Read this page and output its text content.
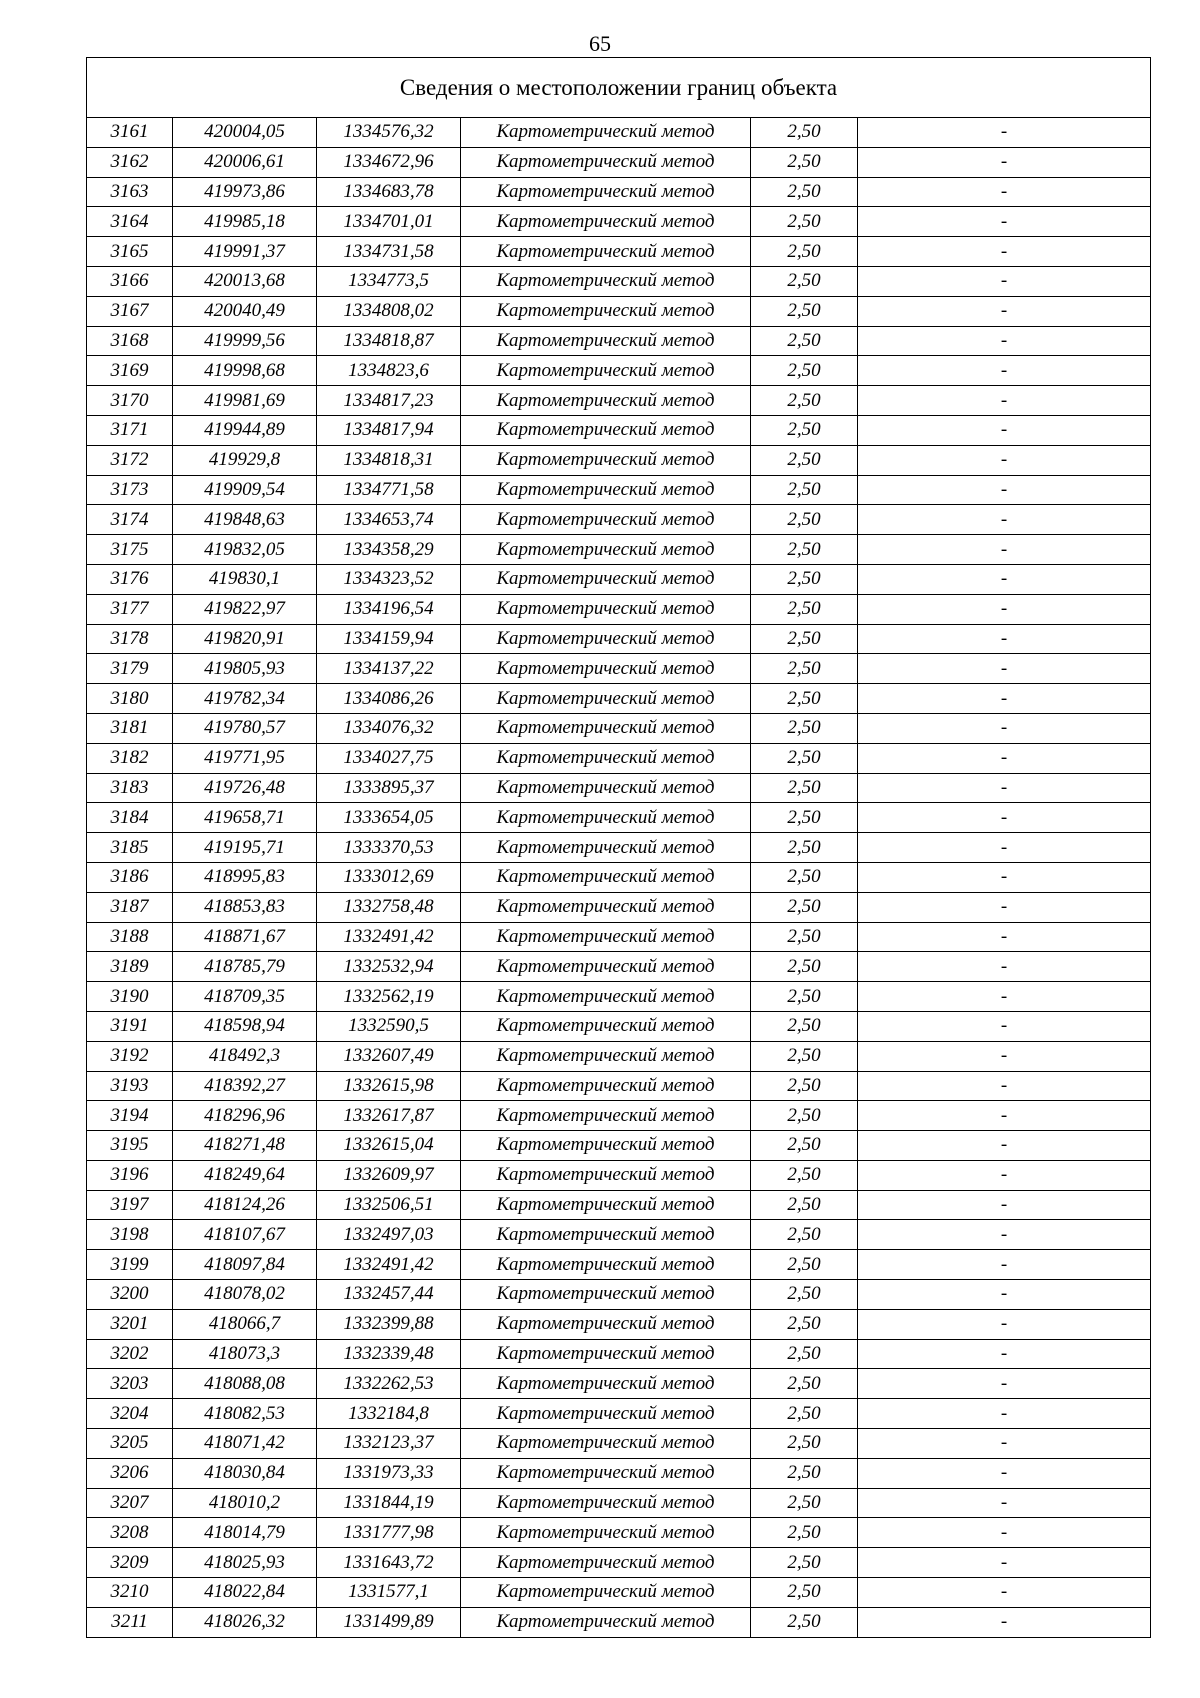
65
Сведения о местоположении границ объекта					
3161	420004,05	1334576,32	Картометрический метод	2,50	-
3162	420006,61	1334672,96	Картометрический метод	2,50	-
3163	419973,86	1334683,78	Картометрический метод	2,50	-
3164	419985,18	1334701,01	Картометрический метод	2,50	-
3165	419991,37	1334731,58	Картометрический метод	2,50	-
3166	420013,68	1334773,5	Картометрический метод	2,50	-
3167	420040,49	1334808,02	Картометрический метод	2,50	-
3168	419999,56	1334818,87	Картометрический метод	2,50	-
3169	419998,68	1334823,6	Картометрический метод	2,50	-
3170	419981,69	1334817,23	Картометрический метод	2,50	-
3171	419944,89	1334817,94	Картометрический метод	2,50	-
3172	419929,8	1334818,31	Картометрический метод	2,50	-
3173	419909,54	1334771,58	Картометрический метод	2,50	-
3174	419848,63	1334653,74	Картометрический метод	2,50	-
3175	419832,05	1334358,29	Картометрический метод	2,50	-
3176	419830,1	1334323,52	Картометрический метод	2,50	-
3177	419822,97	1334196,54	Картометрический метод	2,50	-
3178	419820,91	1334159,94	Картометрический метод	2,50	-
3179	419805,93	1334137,22	Картометрический метод	2,50	-
3180	419782,34	1334086,26	Картометрический метод	2,50	-
3181	419780,57	1334076,32	Картометрический метод	2,50	-
3182	419771,95	1334027,75	Картометрический метод	2,50	-
3183	419726,48	1333895,37	Картометрический метод	2,50	-
3184	419658,71	1333654,05	Картометрический метод	2,50	-
3185	419195,71	1333370,53	Картометрический метод	2,50	-
3186	418995,83	1333012,69	Картометрический метод	2,50	-
3187	418853,83	1332758,48	Картометрический метод	2,50	-
3188	418871,67	1332491,42	Картометрический метод	2,50	-
3189	418785,79	1332532,94	Картометрический метод	2,50	-
3190	418709,35	1332562,19	Картометрический метод	2,50	-
3191	418598,94	1332590,5	Картометрический метод	2,50	-
3192	418492,3	1332607,49	Картометрический метод	2,50	-
3193	418392,27	1332615,98	Картометрический метод	2,50	-
3194	418296,96	1332617,87	Картометрический метод	2,50	-
3195	418271,48	1332615,04	Картометрический метод	2,50	-
3196	418249,64	1332609,97	Картометрический метод	2,50	-
3197	418124,26	1332506,51	Картометрический метод	2,50	-
3198	418107,67	1332497,03	Картометрический метод	2,50	-
3199	418097,84	1332491,42	Картометрический метод	2,50	-
3200	418078,02	1332457,44	Картометрический метод	2,50	-
3201	418066,7	1332399,88	Картометрический метод	2,50	-
3202	418073,3	1332339,48	Картометрический метод	2,50	-
3203	418088,08	1332262,53	Картометрический метод	2,50	-
3204	418082,53	1332184,8	Картометрический метод	2,50	-
3205	418071,42	1332123,37	Картометрический метод	2,50	-
3206	418030,84	1331973,33	Картометрический метод	2,50	-
3207	418010,2	1331844,19	Картометрический метод	2,50	-
3208	418014,79	1331777,98	Картометрический метод	2,50	-
3209	418025,93	1331643,72	Картометрический метод	2,50	-
3210	418022,84	1331577,1	Картометрический метод	2,50	-
3211	418026,32	1331499,89	Картометрический метод	2,50	-
